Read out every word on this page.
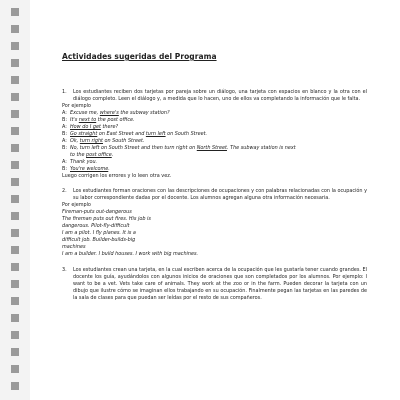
Actividades sugeridas del Programa
1.	Los estudiantes reciben dos tarjetas por pareja sobre un diálogo, una tarjeta con espacios en blanco y la otra con el diálogo completo. Leen el diálogo y, a medida que lo hacen, uno de ellos va completando la información que le falta.
Por ejemplo
A: Excuse me, where's the subway station?
B: It's next to the post office.
A: How do I get there?
B: Go straight on East Street and turn left on South Street.
A: Ok, turn right on South Street.
B: No, turn left on South Street and then turn right on North Street. The subway station is next
to the post office.
A: Thank you.
B: You're welcome.
Luego corrigen los errores y lo leen otra vez.
2.	Los estudiantes forman oraciones con las descripciones de ocupaciones y con palabras relacionadas con la ocupación y su labor correspondiente dadas por el docente. Los alumnos agregan alguna otra información necesaria.
Por ejemplo
Fireman-puts out-dangerous
The fireman puts out fires. His job is
dangerous. Pilot-fly-difficult
I am a pilot. I fly planes. It is a
difficult job. Builder-builds-big
machines
I am a builder. I build houses. I work with big machines.
3.	Los estudiantes crean una tarjeta, en la cual escriben acerca de la ocupación que les gustaría tener cuando grandes. El docente los guía, ayudándolos con algunos inicios de oraciones que son completados por los alumnos. Por ejemplo: I want to be a vet. Vets take care of animals. They work at the zoo or in the farm. Pueden decorar la tarjeta con un dibujo que ilustre cómo se imaginan ellos trabajando en su ocupación. Finalmente pegan las tarjetas en las paredes de la sala de clases para que puedan ser leídas por el resto de sus compañeros.
